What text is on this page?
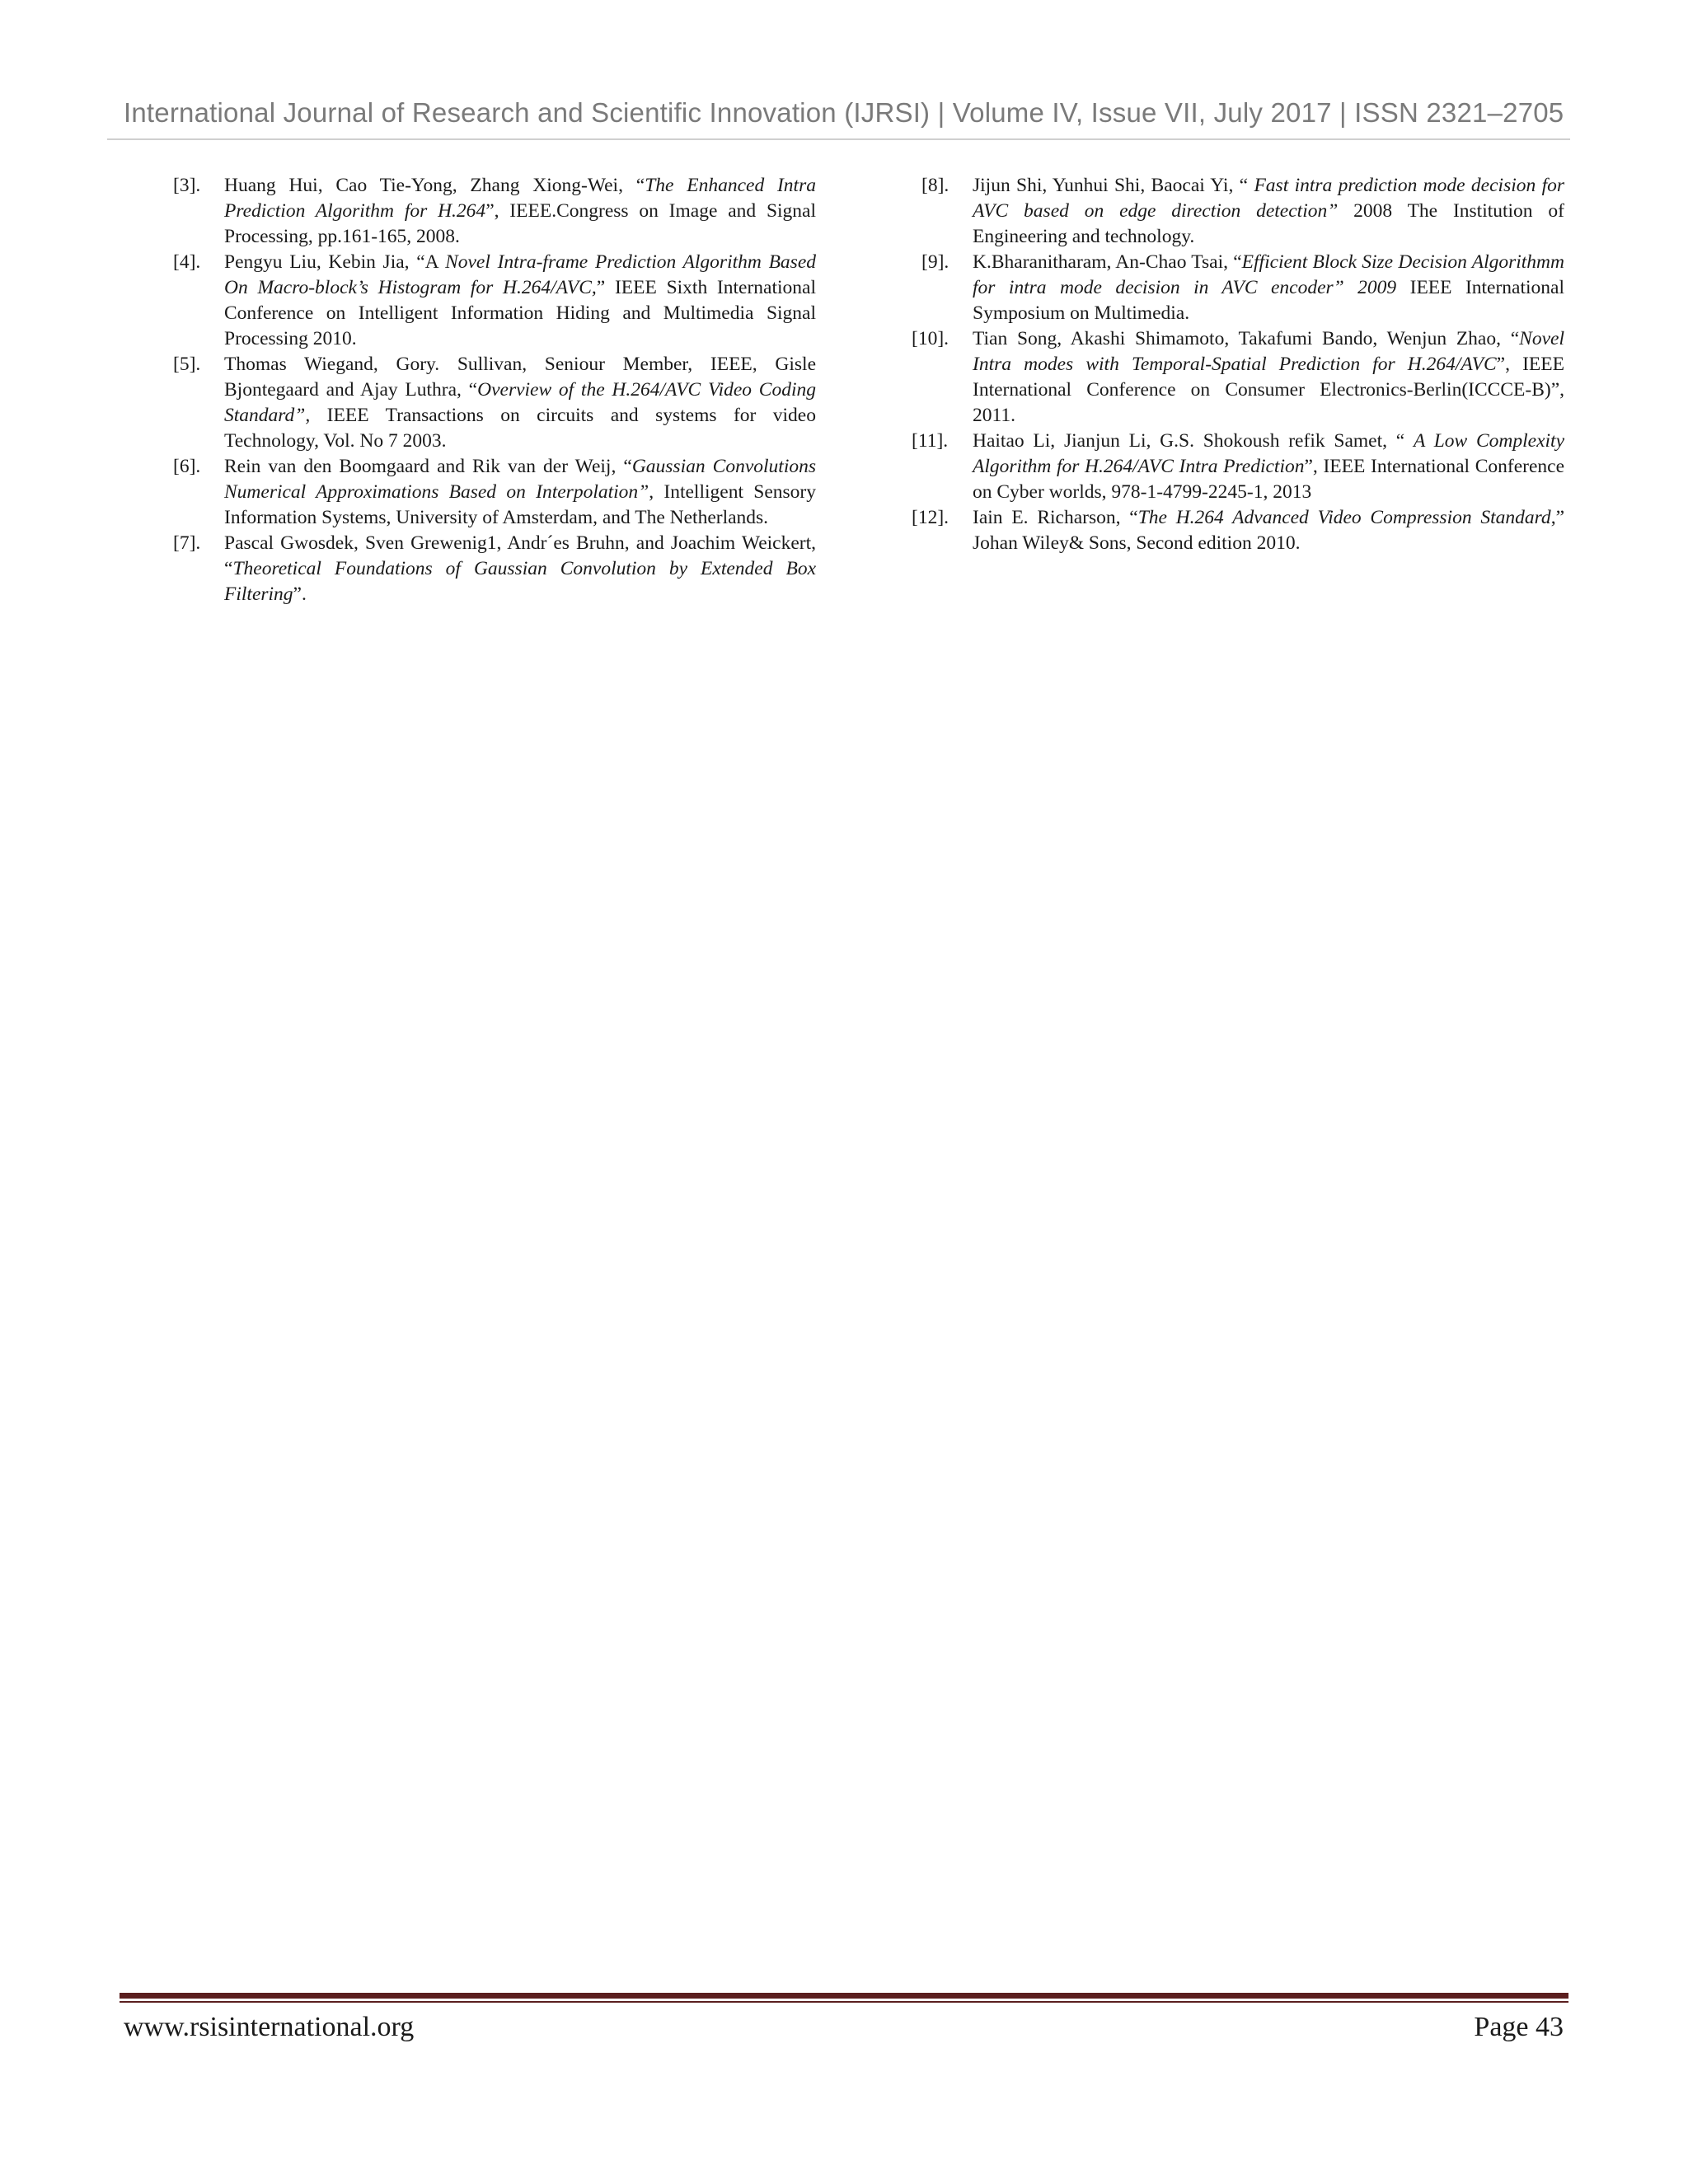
International Journal of Research and Scientific Innovation (IJRSI) | Volume IV, Issue VII, July 2017 | ISSN 2321–2705
[3]. Huang Hui, Cao Tie-Yong, Zhang Xiong-Wei, “The Enhanced Intra Prediction Algorithm for H.264”, IEEE.Congress on Image and Signal Processing, pp.161-165, 2008.
[4]. Pengyu Liu, Kebin Jia, “A Novel Intra-frame Prediction Algorithm Based On Macro-block’s Histogram for H.264/AVC,” IEEE Sixth International Conference on Intelligent Information Hiding and Multimedia Signal Processing 2010.
[5]. Thomas Wiegand, Gory. Sullivan, Seniour Member, IEEE, Gisle Bjontegaard and Ajay Luthra, “Overview of the H.264/AVC Video Coding Standard”, IEEE Transactions on circuits and systems for video Technology, Vol. No 7 2003.
[6]. Rein van den Boomgaard and Rik van der Weij, “Gaussian Convolutions Numerical Approximations Based on Interpolation”, Intelligent Sensory Information Systems, University of Amsterdam, and The Netherlands.
[7]. Pascal Gwosdek, Sven Grewenig1, Andr´es Bruhn, and Joachim Weickert, “Theoretical Foundations of Gaussian Convolution by Extended Box Filtering”.
[8]. Jijun Shi, Yunhui Shi, Baocai Yi, “ Fast intra prediction mode decision for AVC based on edge direction detection” 2008 The Institution of Engineering and technology.
[9]. K.Bharanitharam, An-Chao Tsai, “Efficient Block Size Decision Algorithmm for intra mode decision in AVC encoder” 2009 IEEE International Symposium on Multimedia.
[10]. Tian Song, Akashi Shimamoto, Takafumi Bando, Wenjun Zhao, “Novel Intra modes with Temporal-Spatial Prediction for H.264/AVC”, IEEE International Conference on Consumer Electronics-Berlin(ICCCE-B)”, 2011.
[11]. Haitao Li, Jianjun Li, G.S. Shokoush refik Samet, “ A Low Complexity Algorithm for H.264/AVC Intra Prediction”, IEEE International Conference on Cyber worlds, 978-1-4799-2245-1, 2013
[12]. Iain E. Richarson, “The H.264 Advanced Video Compression Standard,” Johan Wiley& Sons, Second edition 2010.
www.rsisinternational.org	Page 43
